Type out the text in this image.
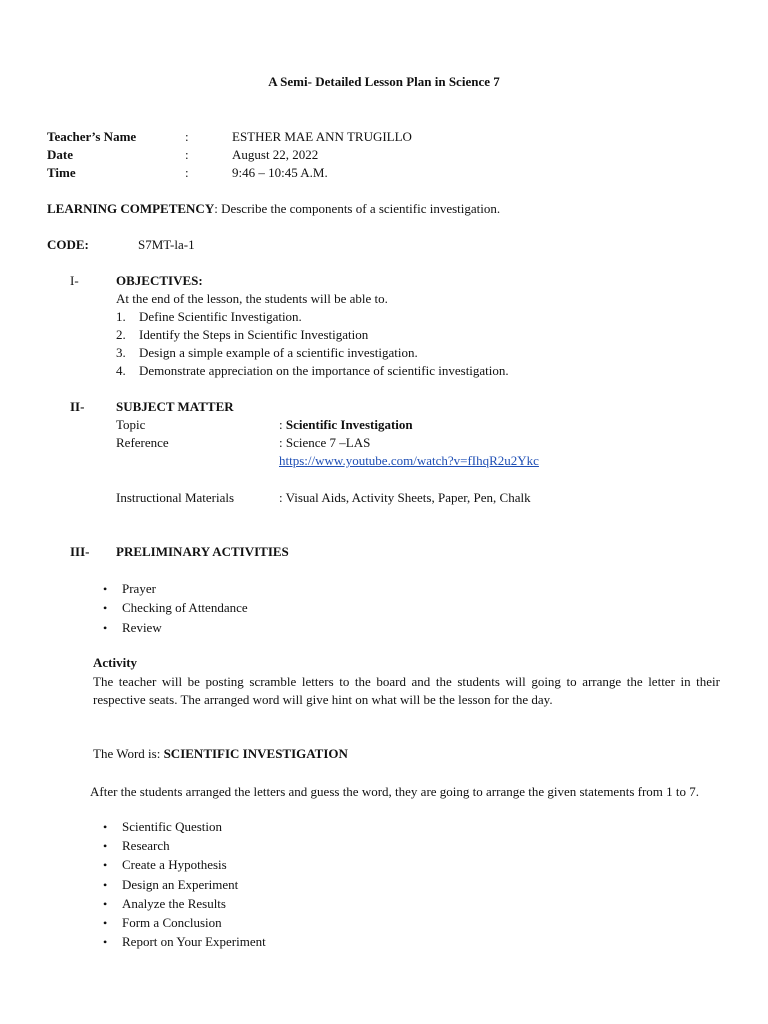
A Semi- Detailed Lesson Plan in Science 7
Teacher’s Name	:	ESTHER MAE ANN TRUGILLO
Date	:	August 22, 2022
Time	:	9:46 – 10:45 A.M.
LEARNING COMPETENCY: Describe the components of a scientific investigation.
CODE:	S7MT-la-1
I-	OBJECTIVES:
At the end of the lesson, the students will be able to.
1. Define Scientific Investigation.
2. Identify the Steps in Scientific Investigation
3. Design a simple example of a scientific investigation.
4. Demonstrate appreciation on the importance of scientific investigation.
II- SUBJECT MATTER
Topic	: Scientific Investigation
Reference	: Science 7 –LAS
https://www.youtube.com/watch?v=fIhqR2u2Ykc
Instructional Materials	: Visual Aids, Activity Sheets, Paper, Pen, Chalk
III- PRELIMINARY ACTIVITIES
• Prayer
• Checking of Attendance
• Review
Activity
The teacher will be posting scramble letters to the board and the students will going to arrange the letter in their respective seats. The arranged word will give hint on what will be the lesson for the day.
The Word is: SCIENTIFIC INVESTIGATION
After the students arranged the letters and guess the word, they are going to arrange the given statements from 1 to 7.
• Scientific Question
• Research
• Create a Hypothesis
• Design an Experiment
• Analyze the Results
• Form a Conclusion
• Report on Your Experiment
